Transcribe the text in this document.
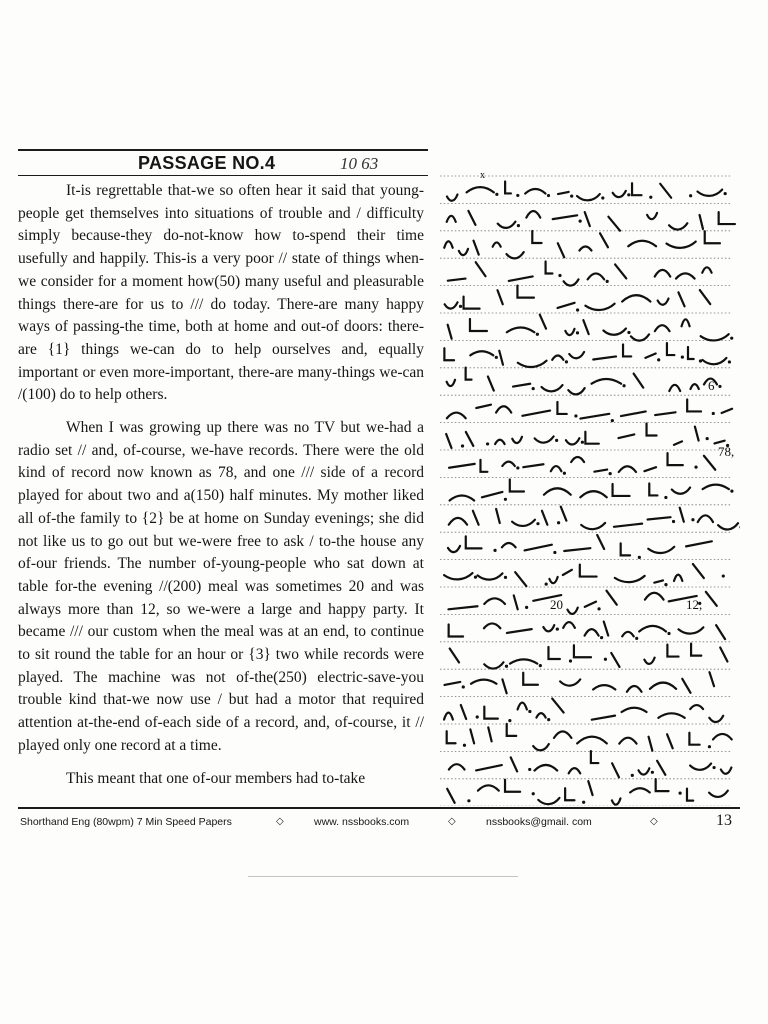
PASSAGE NO.4	10 63

It-is regrettable that-we so often hear it said that young-people get themselves into situations of trouble and / difficulty simply because-they do-not-know how to-spend their time usefully and happily. This-is a very poor // state of things when-we consider for a moment how(50) many useful and pleasurable things there-are for us to /// do today. There-are many happy ways of passing-the time, both at home and out-of doors: there-are {1} things we-can do to help ourselves and, equally important or even more-important, there-are many-things we-can /(100) do to help others.

When I was growing up there was no TV but we-had a radio set // and, of-course, we-have records. There were the old kind of record now known as 78, and one /// side of a record played for about two and a(150) half minutes. My mother liked all of-the family to {2} be at home on Sunday evenings; she did not like us to go out but we-were free to ask / to-the house any of-our friends. The number of-young-people who sat down at table for-the evening //(200) meal was sometimes 20 and was always more than 12, so we-were a large and happy party. It became /// our custom when the meal was at an end, to continue to sit round the table for an hour or {3} two while records were played. The machine was not of-the(250) electric-save-you trouble kind that-we now use / but had a motor that required attention at-the-end of-each side of a record, and, of-course, it // played only one record at a time.

This meant that one of-our members had to-take

78,
20	12,
6
x
Shorthand Eng (80wpm) 7 Min Speed Papers	◇	www. nssbooks.com	◇	nssbooks@gmail. com	◇	13
